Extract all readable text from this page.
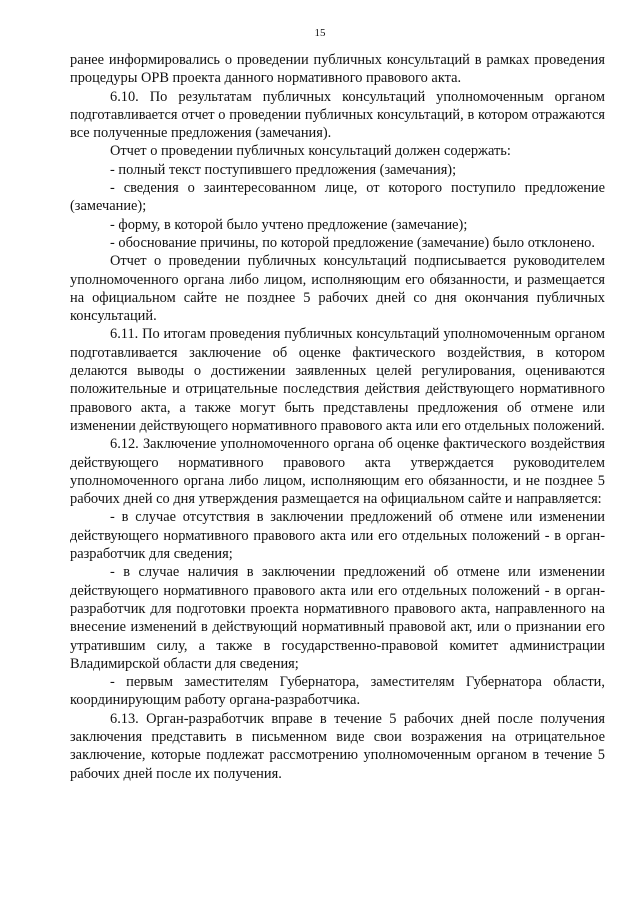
15

ранее информировались о проведении публичных консультаций в рамках проведения процедуры ОРВ проекта данного нормативного правового акта.

6.10. По результатам публичных консультаций уполномоченным органом подготавливается отчет о проведении публичных консультаций, в котором отражаются все полученные предложения (замечания).

Отчет о проведении публичных консультаций должен содержать:

- полный текст поступившего предложения (замечания);

- сведения о заинтересованном лице, от которого поступило предложение (замечание);

- форму, в которой было учтено предложение (замечание);

- обоснование причины, по которой предложение (замечание) было отклонено.

Отчет о проведении публичных консультаций подписывается руководителем уполномоченного органа либо лицом, исполняющим его обязанности, и размещается на официальном сайте не позднее 5 рабочих дней со дня окончания публичных консультаций.

6.11. По итогам проведения публичных консультаций уполномоченным органом подготавливается заключение об оценке фактического воздействия, в котором делаются выводы о достижении заявленных целей регулирования, оцениваются положительные и отрицательные последствия действия действующего нормативного правового акта, а также могут быть представлены предложения об отмене или изменении действующего нормативного правового акта или его отдельных положений.

6.12. Заключение уполномоченного органа об оценке фактического воздействия действующего нормативного правового акта утверждается руководителем уполномоченного органа либо лицом, исполняющим его обязанности, и не позднее 5 рабочих дней со дня утверждения размещается на официальном сайте и направляется:

- в случае отсутствия в заключении предложений об отмене или изменении действующего нормативного правового акта или его отдельных положений - в орган-разработчик для сведения;

- в случае наличия в заключении предложений об отмене или изменении действующего нормативного правового акта или его отдельных положений - в орган-разработчик для подготовки проекта нормативного правового акта, направленного на внесение изменений в действующий нормативный правовой акт, или о признании его утратившим силу, а также в государственно-правовой комитет администрации Владимирской области для сведения;

- первым заместителям Губернатора, заместителям Губернатора области, координирующим работу органа-разработчика.

6.13. Орган-разработчик вправе в течение 5 рабочих дней после получения заключения представить в письменном виде свои возражения на отрицательное заключение, которые подлежат рассмотрению уполномоченным органом в течение 5 рабочих дней после их получения.
